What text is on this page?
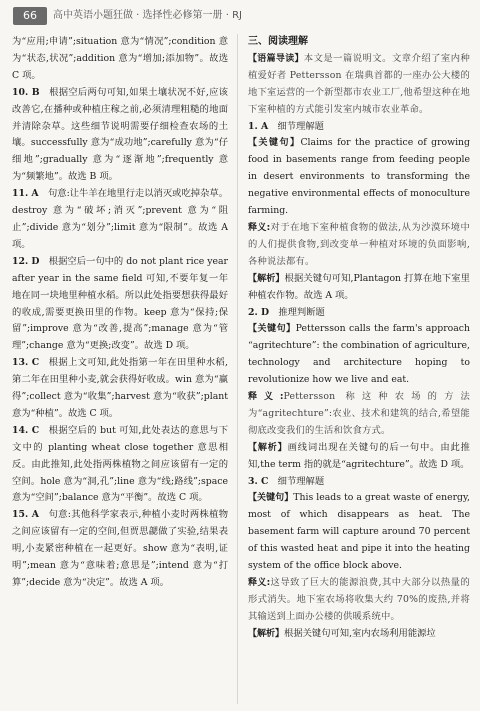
66	高中英语小题狂做 · 选择性必修第一册 · RJ

为“应用;申请”;situation 意为“情况”;condition 意为“状态,状况”;addition 意为“增加;添加物”。故选 C 项。

10. B 根据空后两句可知,如果土壤状况不好,应该改善它,在播种或种植庄稼之前,必须清理粗糙的地面并清除杂草。这些细节说明需要仔细检查农场的土壤。successfully 意为“成功地”;carefully 意为“仔细地”;gradually 意为“逐渐地”;frequently 意为“频繁地”。故选 B 项。

11. A 句意:让牛羊在地里行走以消灭或吃掉杂草。destroy 意为“破坏;消灭”;prevent 意为“阻止”;divide 意为“划分”;limit 意为“限制”。故选 A 项。

12. D 根据空后一句中的 do not plant rice year after year in the same field 可知,不要年复一年地在同一块地里种植水稻。所以此处指要想获得最好的收成,需要更换田里的作物。keep 意为“保持;保留”;improve 意为“改善,提高”;manage 意为“管理”;change 意为“更换;改变”。故选 D 项。

13. C 根据上文可知,此处指第一年在田里种水稻,第二年在田里种小麦,就会获得好收成。win 意为“赢得”;collect 意为“收集”;harvest 意为“收获”;plant 意为“种植”。故选 C 项。

14. C 根据空后的 but 可知,此处表达的意思与下文中的 planting wheat close together 意思相反。由此推知,此处指两株植物之间应该留有一定的空间。hole 意为“洞,孔”;line 意为“线;路线”;space 意为“空间”;balance 意为“平衡”。故选 C 项。

15. A 句意:其他科学家表示,种植小麦时两株植物之间应该留有一定的空间,但贾思勰做了实验,结果表明,小麦紧密种植在一起更好。show 意为“表明,证明”;mean 意为“意味着;意思是”;intend 意为“打算”;decide 意为“决定”。故选 A 项。

三、阅读理解

【语篇导读】本文是一篇说明文。文章介绍了室内种植爱好者 Pettersson 在瑞典首都的一座办公大楼的地下室运营的一个新型都市农业工厂,他希望这种在地下室种植的方式能引发室内城市农业革命。

1. A 细节理解题

【关键句】Claims for the practice of growing food in basements range from feeding people in desert environments to transforming the negative environmental effects of monoculture farming.

释义:对于在地下室种植食物的做法,从为沙漠环境中的人们提供食物,到改变单一种植对环境的负面影响,各种说法都有。

【解析】根据关键句可知,Plantagon 打算在地下室里种植农作物。故选 A 项。

2. D 推理判断题

【关键句】Pettersson calls the farm's approach “agritechture”: the combination of agriculture, technology and architecture hoping to revolutionize how we live and eat.

释义:Pettersson 称这种农场的方法为“agritechture”:农业、技术和建筑的结合,希望能彻底改变我们的生活和饮食方式。

【解析】画线词出现在关键句的后一句中。由此推知,the term 指的就是“agritechture”。故选 D 项。

3. C 细节理解题

【关键句】This leads to a great waste of energy, most of which disappears as heat. The basement farm will capture around 70 percent of this wasted heat and pipe it into the heating system of the office block above.

释义:这导致了巨大的能源浪费,其中大部分以热量的形式消失。地下室农场将收集大约 70%的废热,并将其输送到上面办公楼的供暖系统中。

【解析】根据关键句可知,室内农场利用能源垃
